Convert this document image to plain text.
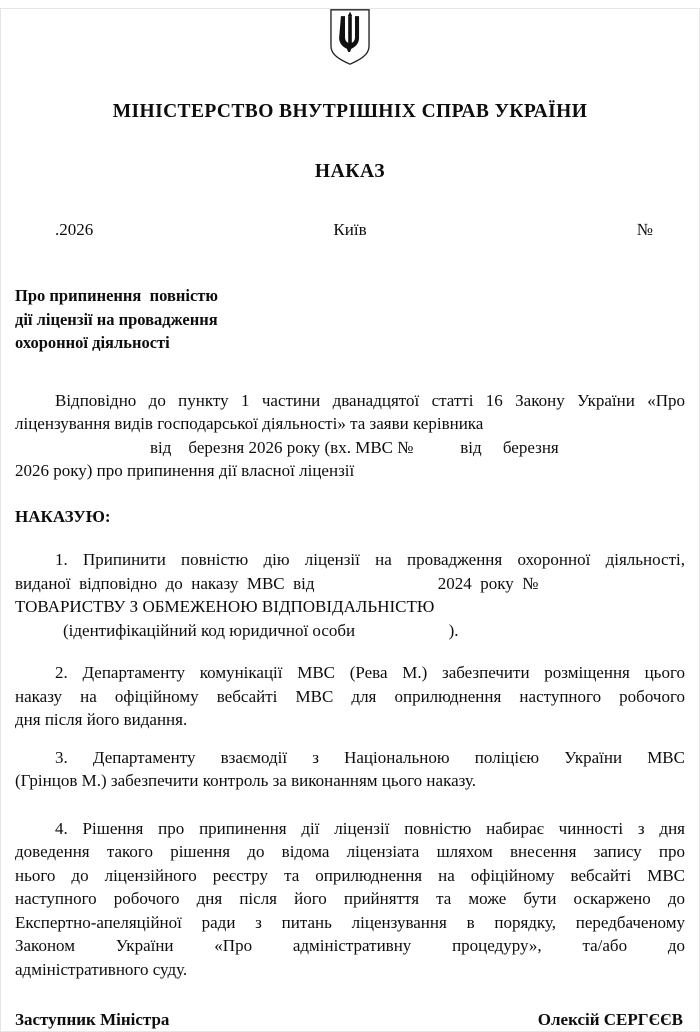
МІНІСТЕРСТВО ВНУТРІШНІХ СПРАВ УКРАЇНИ
НАКАЗ
.2026	Київ	№
Про припинення  повністю
дії ліцензії на провадження
охоронної діяльності
Відповідно до пункту 1 частини дванадцятої статті 16 Закону України «Про
ліцензування видів господарської діяльності» та заяви керівника
від    березня 2026 року (вх. МВС №           від     березня
2026 року) про припинення дії власної ліцензії
НАКАЗУЮ:
1. Припинити повністю дію ліцензії на провадження охоронної діяльності,
виданої  відповідно  до  наказу  МВС  від                             2024  року  №
ТОВАРИСТВУ З ОБМЕЖЕНОЮ ВІДПОВІДАЛЬНІСТЮ
(ідентифікаційний код юридичної особи                      ).
2. Департаменту комунікації МВС (Рева М.) забезпечити розміщення цього
наказу на офіційному вебсайті МВС для оприлюднення наступного робочого
дня після його видання.
3. Департаменту взаємодії з Національною поліцією України МВС
(Грінцов М.) забезпечити контроль за виконанням цього наказу.
4. Рішення про припинення дії ліцензії повністю набирає чинності з дня
доведення такого рішення до відома ліцензіата шляхом внесення запису про
нього до ліцензійного реєстру та оприлюднення на офіційному вебсайті МВС
наступного робочого дня після його прийняття та може бути оскаржено до
Експертно-апеляційної ради з питань ліцензування в порядку, передбаченому
Законом України «Про адміністративну процедуру», та/або до
адміністративного суду.
Заступник Міністра	Олексій СЕРГЄЄВ
